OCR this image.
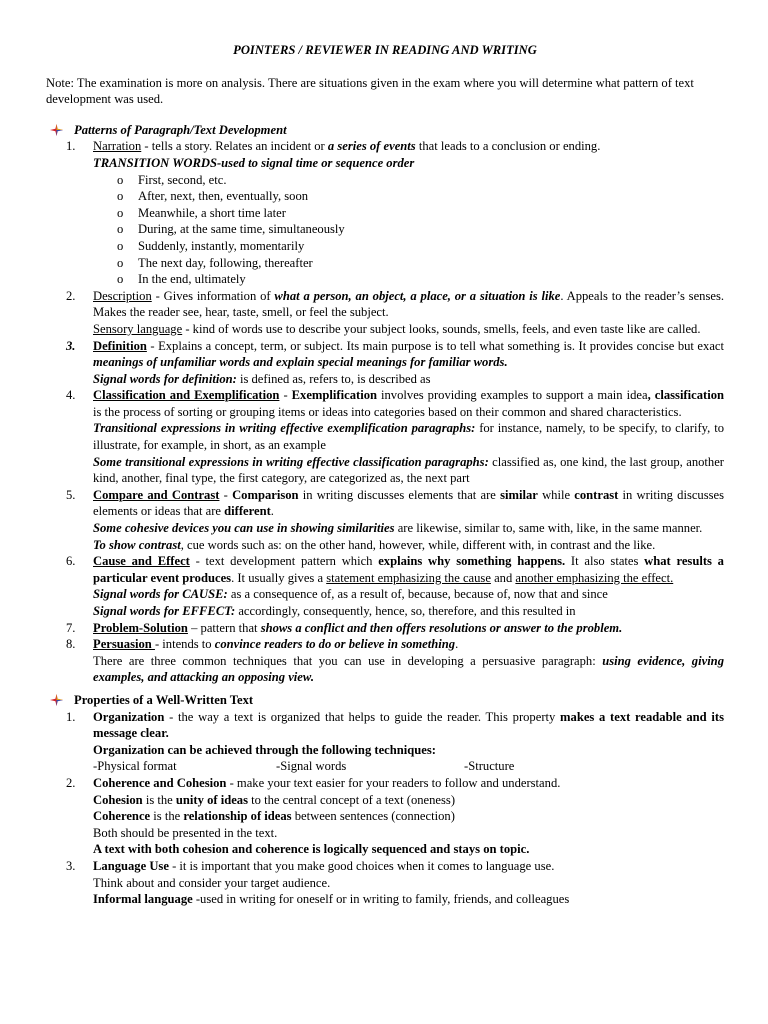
POINTERS / REVIEWER IN READING AND WRITING

Note: The examination is more on analysis. There are situations given in the exam where you will determine what pattern of text development was used.

Patterns of Paragraph/Text Development

1.	Narration - tells a story. Relates an incident or a series of events that leads to a conclusion or ending.

TRANSITION WORDS-used to signal time or sequence order

o First, second, etc.
o After, next, then, eventually, soon
o Meanwhile, a short time later
o During, at the same time, simultaneously
o Suddenly, instantly, momentarily
o The next day, following, thereafter
o In the end, ultimately
2.	Description - Gives information of what a person, an object, a place, or a situation is like. Appeals to the reader’s senses. Makes the reader see, hear, taste, smell, or feel the subject.

Sensory language - kind of words use to describe your subject looks, sounds, smells, feels, and even taste like are called.

3.	Definition - Explains a concept, term, or subject. Its main purpose is to tell what something is. It provides concise but exact meanings of unfamiliar words and explain special meanings for familiar words.

Signal words for definition: is defined as, refers to, is described as

4.	Classification and Exemplification - Exemplification involves providing examples to support a main idea, classification is the process of sorting or grouping items or ideas into categories based on their common and shared characteristics.

Transitional expressions in writing effective exemplification paragraphs: for instance, namely, to be specify, to clarify, to illustrate, for example, in short, as an example

Some transitional expressions in writing effective classification paragraphs: classified as, one kind, the last group, another kind, another, final type, the first category, are categorized as, the next part

5.	Compare and Contrast - Comparison in writing discusses elements that are similar while contrast in writing discusses elements or ideas that are different.

Some cohesive devices you can use in showing similarities are likewise, similar to, same with, like, in the same manner.

To show contrast, cue words such as: on the other hand, however, while, different with, in contrast and the like.

6.	Cause and Effect - text development pattern which explains why something happens. It also states what results a particular event produces. It usually gives a statement emphasizing the cause and another emphasizing the effect.

Signal words for CAUSE: as a consequence of, as a result of, because, because of, now that and since

Signal words for EFFECT: accordingly, consequently, hence, so, therefore, and this resulted in

7.	Problem-Solution – pattern that shows a conflict and then offers resolutions or answer to the problem.

8.	Persuasion - intends to convince readers to do or believe in something.

There are three common techniques that you can use in developing a persuasive paragraph: using evidence, giving examples, and attacking an opposing view.

Properties of a Well-Written Text

1.	Organization - the way a text is organized that helps to guide the reader. This property makes a text readable and its message clear.

Organization can be achieved through the following techniques:

-Physical format	-Signal words	-Structure
2.	Coherence and Cohesion - make your text easier for your readers to follow and understand.

Cohesion is the unity of ideas to the central concept of a text (oneness)

Coherence is the relationship of ideas between sentences (connection)

Both should be presented in the text.

A text with both cohesion and coherence is logically sequenced and stays on topic.

3.	Language Use - it is important that you make good choices when it comes to language use.

Think about and consider your target audience.

Informal language -used in writing for oneself or in writing to family, friends, and colleagues
